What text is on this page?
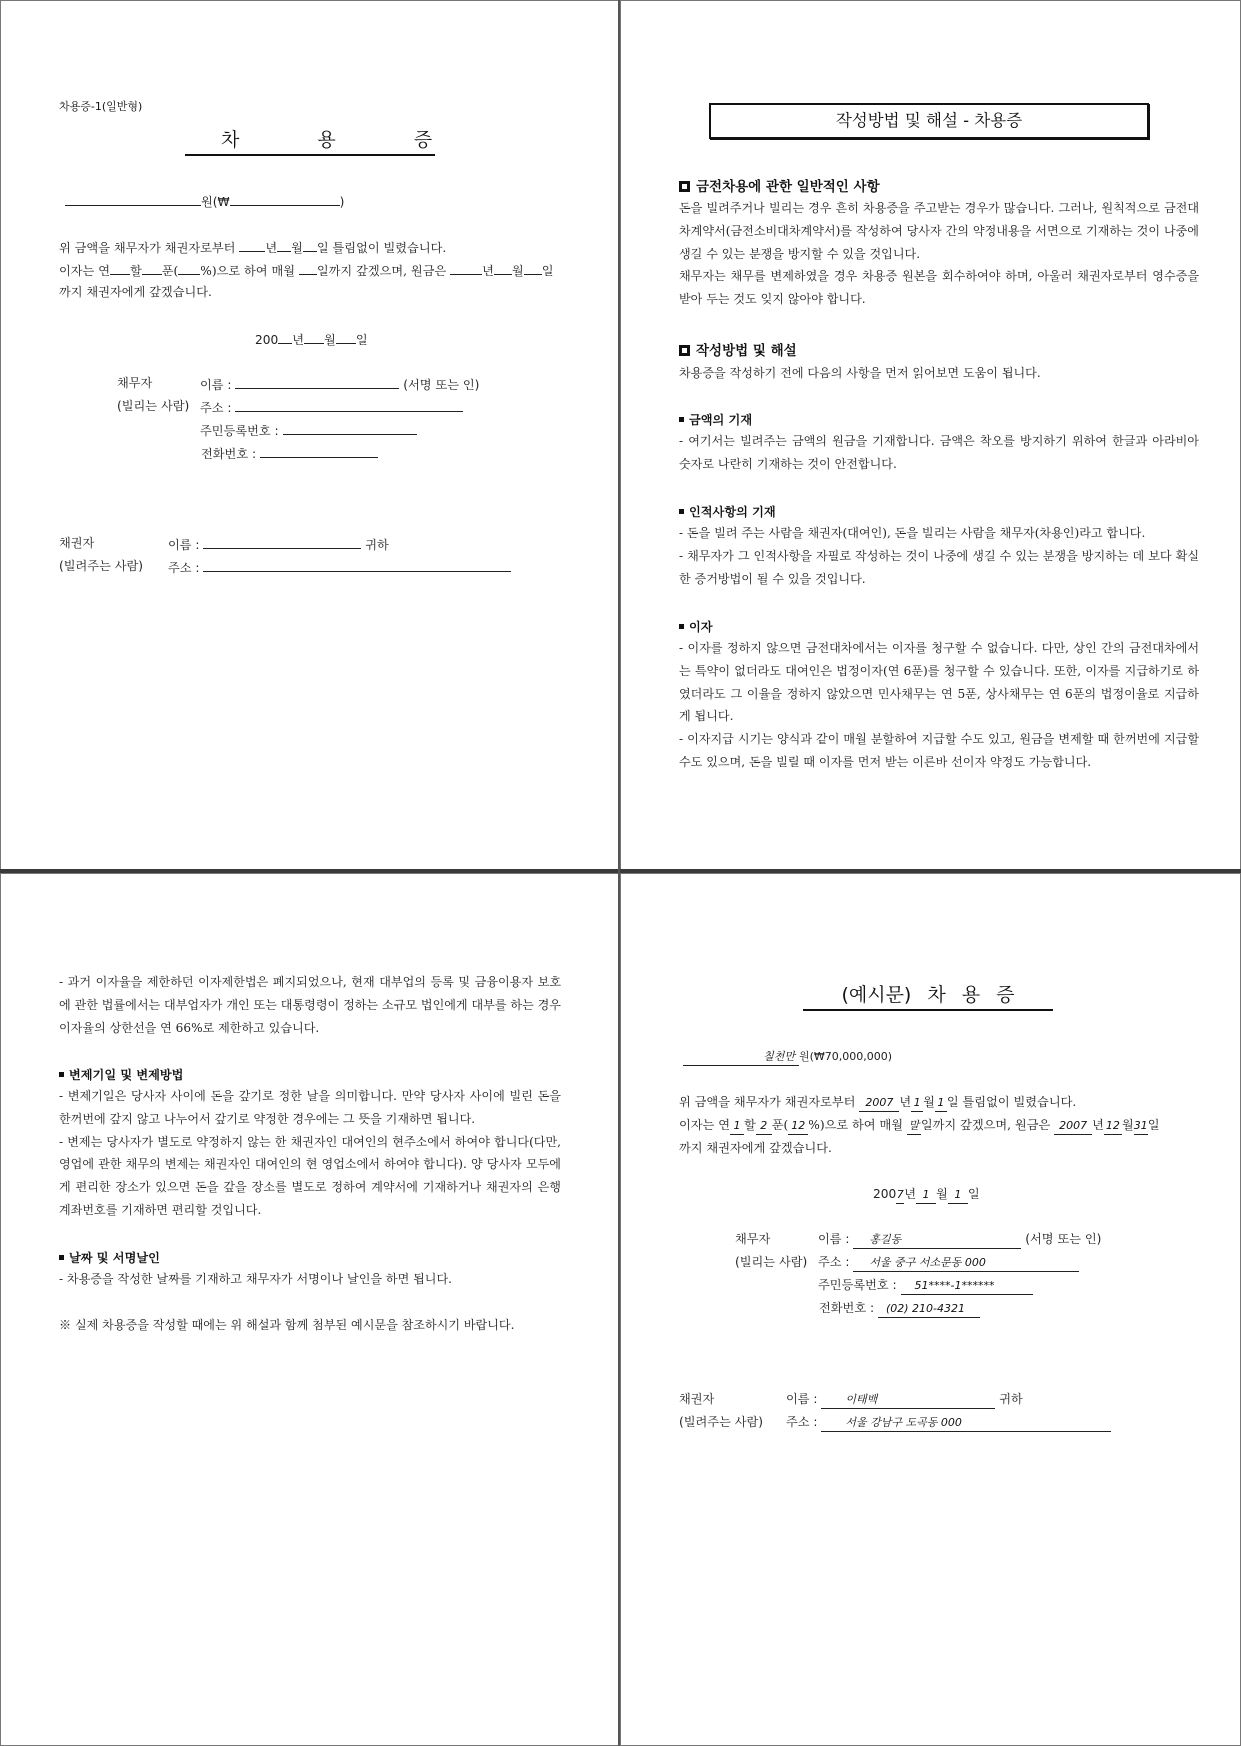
차용증-1(일반형)
차 용 증
원(₩	)
위 금액을 채무자가 채권자로부터 년 월 일 틀림없이 빌렸습니다.
이자는 연 할 푼( %)으로 하여 매월 일까지 갚겠으며, 원금은	년 월 일
까지 채권자에게 갚겠습니다.
200 년 월 일
채무자
(빌리는 사람)
이름 :	(서명 또는 인)
주소 :
주민등록번호 :
전화번호 :
채권자
(빌려주는 사람)
이름 :	귀하
주소 :
작성방법 및 해설 - 차용증
금전차용에 관한 일반적인 사항

돈을 빌려주거나 빌리는 경우 흔히 차용증을 주고받는 경우가 많습니다. 그러나, 원칙적으로 금전대차계약서(금전소비대차계약서)를 작성하여 당사자 간의 약정내용을 서면으로 기재하는 것이 나중에 생길 수 있는 분쟁을 방지할 수 있을 것입니다.

채무자는 채무를 변제하였을 경우 차용증 원본을 회수하여야 하며, 아울러 채권자로부터 영수증을 받아 두는 것도 잊지 않아야 합니다.

작성방법 및 해설

차용증을 작성하기 전에 다음의 사항을 먼저 읽어보면 도움이 됩니다.

금액의 기재

- 여기서는 빌려주는 금액의 원금을 기재합니다. 금액은 착오를 방지하기 위하여 한글과 아라비아 숫자로 나란히 기재하는 것이 안전합니다.

인적사항의 기재

- 돈을 빌려 주는 사람을 채권자(대여인), 돈을 빌리는 사람을 채무자(차용인)라고 합니다.

- 채무자가 그 인적사항을 자필로 작성하는 것이 나중에 생길 수 있는 분쟁을 방지하는 데 보다 확실한 증거방법이 될 수 있을 것입니다.

이자

- 이자를 정하지 않으면 금전대차에서는 이자를 청구할 수 없습니다. 다만, 상인 간의 금전대차에서는 특약이 없더라도 대여인은 법정이자(연 6푼)를 청구할 수 있습니다. 또한, 이자를 지급하기로 하였더라도 그 이율을 정하지 않았으면 민사채무는 연 5푼, 상사채무는 연 6푼의 법정이율로 지급하게 됩니다.

- 이자지급 시기는 양식과 같이 매월 분할하여 지급할 수도 있고, 원금을 변제할 때 한꺼번에 지급할 수도 있으며, 돈을 빌릴 때 이자를 먼저 받는 이른바 선이자 약정도 가능합니다.

- 과거 이자율을 제한하던 이자제한법은 폐지되었으나, 현재 대부업의 등록 및 금융이용자 보호에 관한 법률에서는 대부업자가 개인 또는 대통령령이 정하는 소규모 법인에게 대부를 하는 경우 이자율의 상한선을 연 66%로 제한하고 있습니다.

변제기일 및 변제방법

- 변제기일은 당사자 사이에 돈을 갚기로 정한 날을 의미합니다. 만약 당사자 사이에 빌린 돈을 한꺼번에 갚지 않고 나누어서 갚기로 약정한 경우에는 그 뜻을 기재하면 됩니다.

- 변제는 당사자가 별도로 약정하지 않는 한 채권자인 대여인의 현주소에서 하여야 합니다(다만, 영업에 관한 채무의 변제는 채권자인 대여인의 현 영업소에서 하여야 합니다). 양 당사자 모두에게 편리한 장소가 있으면 돈을 갚을 장소를 별도로 정하여 계약서에 기재하거나 채권자의 은행 계좌번호를 기재하면 편리할 것입니다.

날짜 및 서명날인

- 차용증을 작성한 날짜를 기재하고 채무자가 서명이나 날인을 하면 됩니다.

※ 실제 차용증을 작성할 때에는 위 해설과 함께 첨부된 예시문을 참조하시기 바랍니다.

(예시문) 차 용 증
칠천만 원(₩70,000,000)
위 금액을 채무자가 채권자로부터 2007 년 1 월 1 일 틀림없이 빌렸습니다.
이자는 연 1 할 2 푼( 12 %)으로 하여 매월 말 일까지 갚겠으며, 원금은 2007 년 12 월31일
까지 채권자에게 갚겠습니다.
2007년 1 월 1 일
채무자
(빌리는 사람)
이름 : 홍길동	(서명 또는 인)
주소 : 서울 중구 서소문동 000
주민등록번호 : 51****-1******
전화번호 : (02) 210-4321
채권자
(빌려주는 사람)
이름 :	이태백	귀하
주소 :	서울 강남구 도곡동 000
